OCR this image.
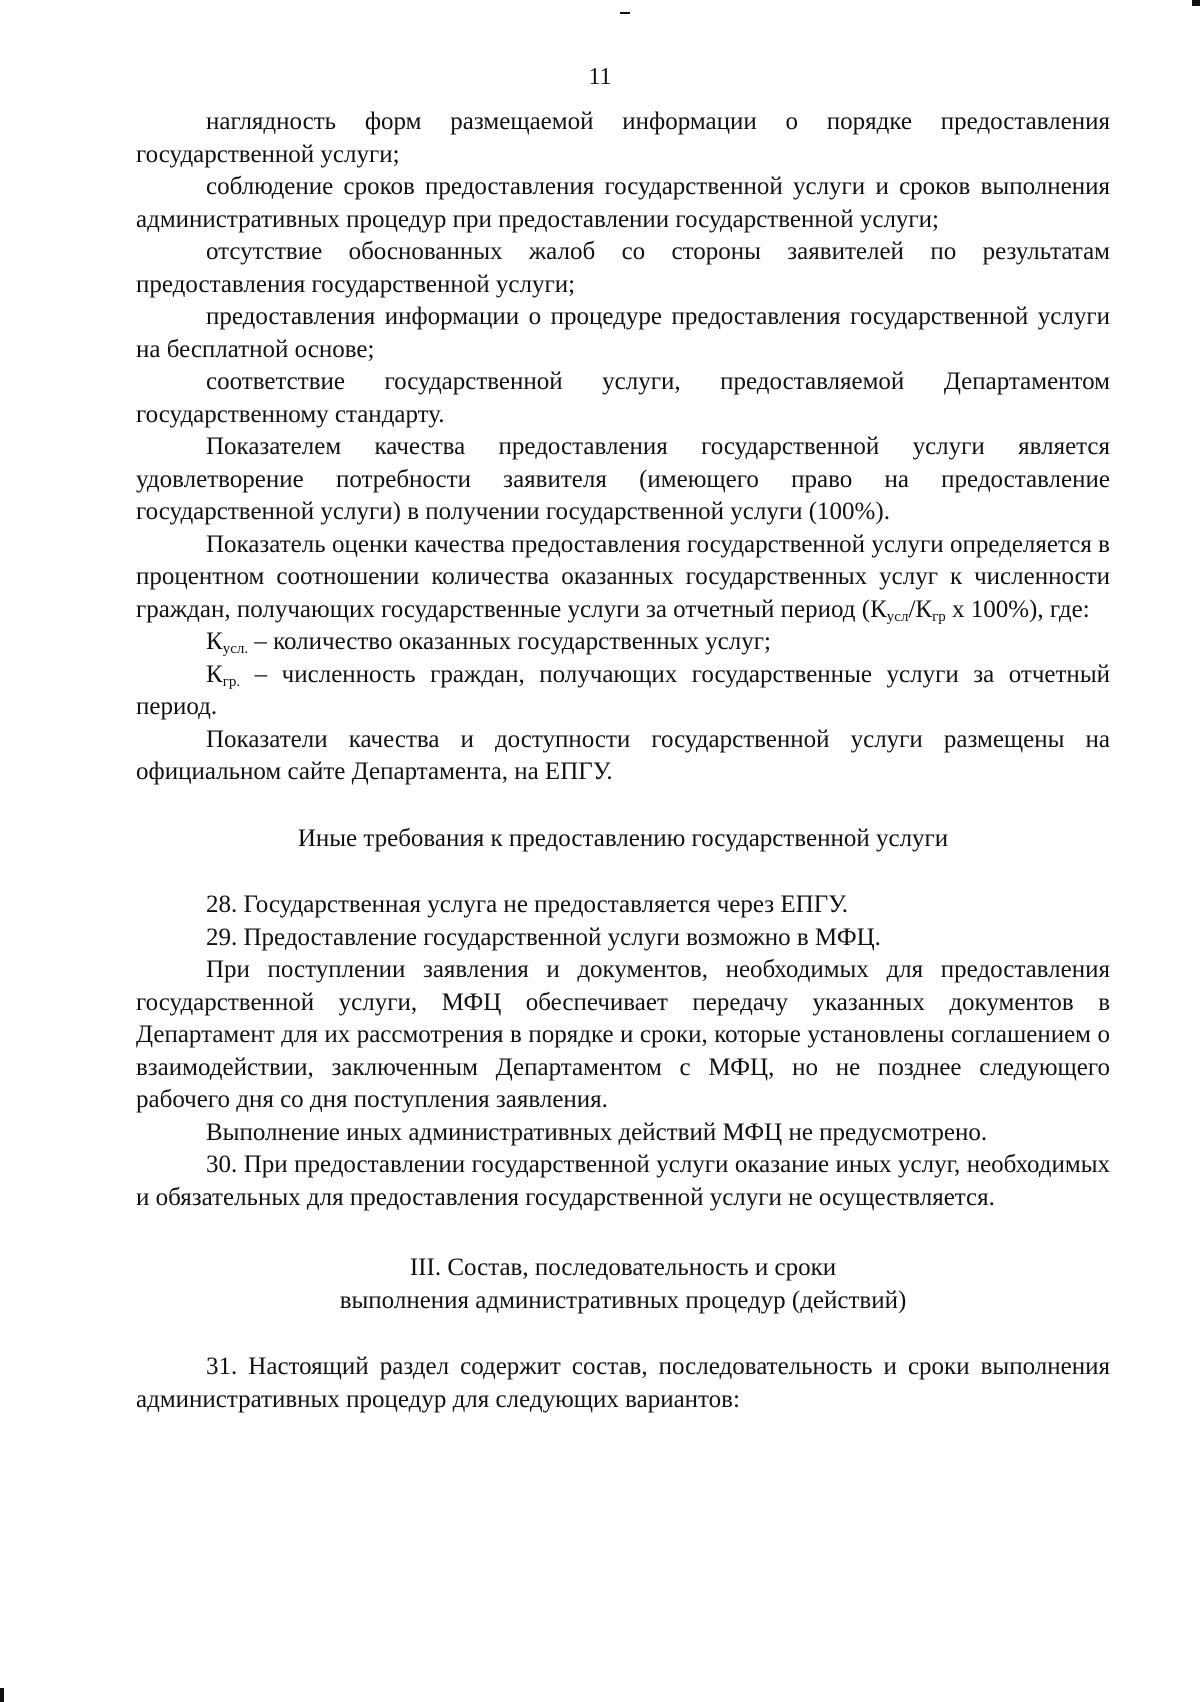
11

наглядность форм размещаемой информации о порядке предоставления государственной услуги;

соблюдение сроков предоставления государственной услуги и сроков выполнения административных процедур при предоставлении государственной услуги;

отсутствие обоснованных жалоб со стороны заявителей по результатам предоставления государственной услуги;

предоставления информации о процедуре предоставления государственной услуги на бесплатной основе;

соответствие государственной услуги, предоставляемой Департаментом государственному стандарту.

Показателем качества предоставления государственной услуги является удовлетворение потребности заявителя (имеющего право на предоставление государственной услуги) в получении государственной услуги (100%).

Показатель оценки качества предоставления государственной услуги определяется в процентном соотношении количества оказанных государственных услуг к численности граждан, получающих государственные услуги за отчетный период ($К_{усл}/К_{гр}$ х 100%), где:

$К_{усл.}$ – количество оказанных государственных услуг;

$К_{гр.}$ – численность граждан, получающих государственные услуги за отчетный период.

Показатели качества и доступности государственной услуги размещены на официальном сайте Департамента, на ЕПГУ.

Иные требования к предоставлению государственной услуги

28. Государственная услуга не предоставляется через ЕПГУ.

29. Предоставление государственной услуги возможно в МФЦ.

При поступлении заявления и документов, необходимых для предоставления государственной услуги, МФЦ обеспечивает передачу указанных документов в Департамент для их рассмотрения в порядке и сроки, которые установлены соглашением о взаимодействии, заключенным Департаментом с МФЦ, но не позднее следующего рабочего дня со дня поступления заявления.

Выполнение иных административных действий МФЦ не предусмотрено.

30. При предоставлении государственной услуги оказание иных услуг, необходимых и обязательных для предоставления государственной услуги не осуществляется.

III. Состав, последовательность и сроки

выполнения административных процедур (действий)

31. Настоящий раздел содержит состав, последовательность и сроки выполнения административных процедур для следующих вариантов:
